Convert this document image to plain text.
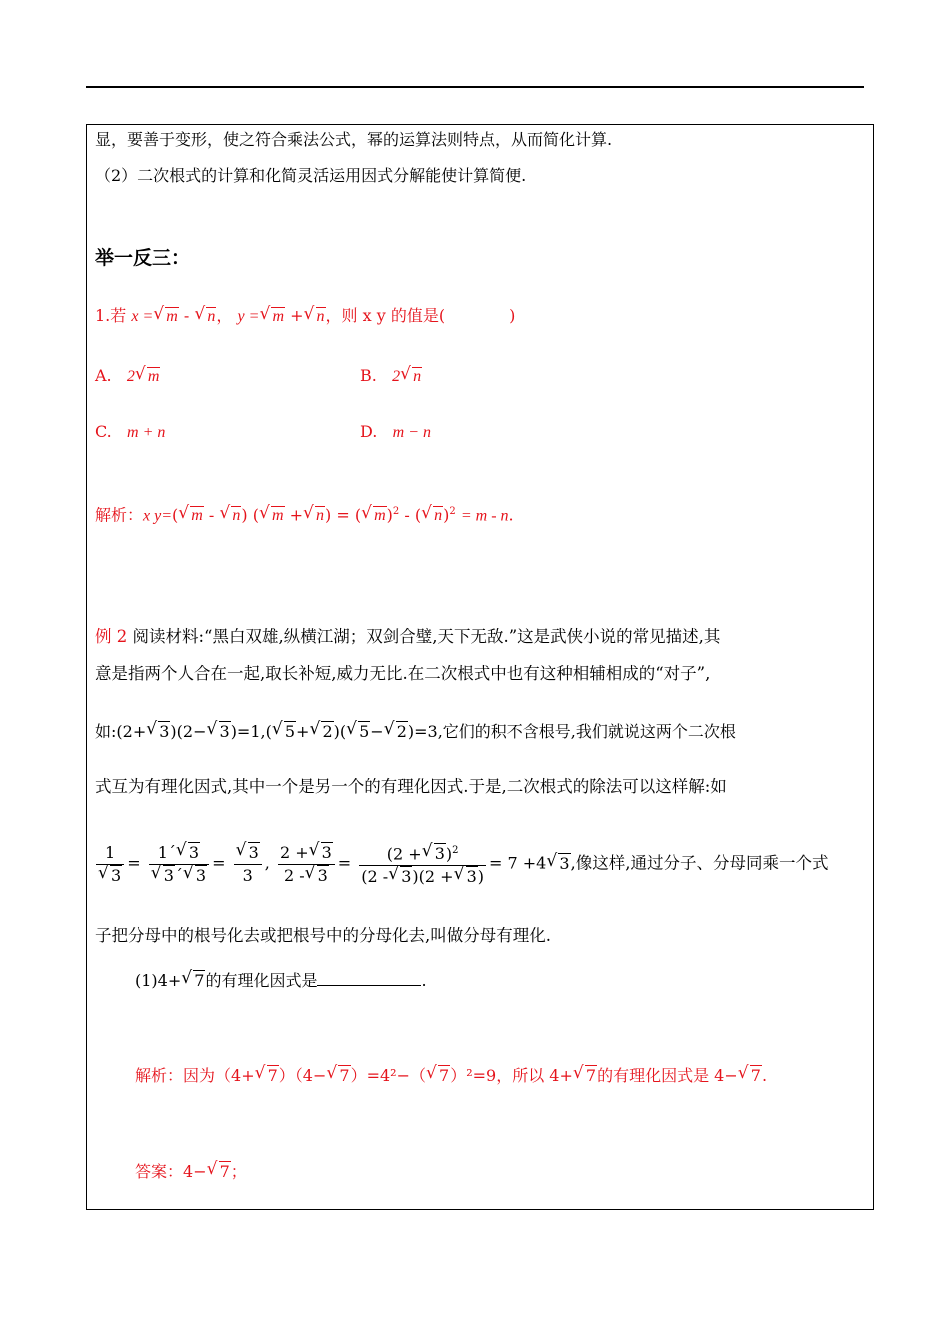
显，要善于变形，使之符合乘法公式，幂的运算法则特点，从而简化计算.
（2）二次根式的计算和化简灵活运用因式分解能使计算简便.
举一反三：
1.若 x =√ m - √ n， y =√ m +√ n，则 x y 的值是(　　　　)
A. 2√ m	B. 2√ n
C. m + n	D. m − n
解析：x y=(√ m - √ n) (√ m +√ n) = (√ m)$^2$ - (√ n)$^2$ = m - n.
例 2 阅读材料:“黑白双雄,纵横江湖；双剑合璧,天下无敌.”这是武侠小说的常见描述,其
意是指两个人合在一起,取长补短,威力无比.在二次根式中也有这种相辅相成的“对子”,
如:(2+√ 3)(2−√ 3)=1,(√ 5+√ 2)(√ 5−√ 2)=3,它们的积不含根号,我们就说这两个二次根
式互为有理化因式,其中一个是另一个的有理化因式.于是,二次根式的除法可以这样解:如
1
√ 3 = 1´√ 3
√ 3´√ 3 =
√ $\frac{3}{3}$ , $\frac{2 +√ 3}{2 -√ 3} = \frac{(2 +√ 3)^2}{(2 -√ 3)(2 +√ 3)} = 7 +4√$ 3,像这样,通过分子、分母同乘一个式
子把分母中的根号化去或把根号中的分母化去,叫做分母有理化.
(1)4+√ 7的有理化因式是	.
解析：因为（4+√ 7）（4−√ 7）=4²−（√ 7）²=9，所以 4+√ 7的有理化因式是 4−√ 7.
答案：4−√ 7；
